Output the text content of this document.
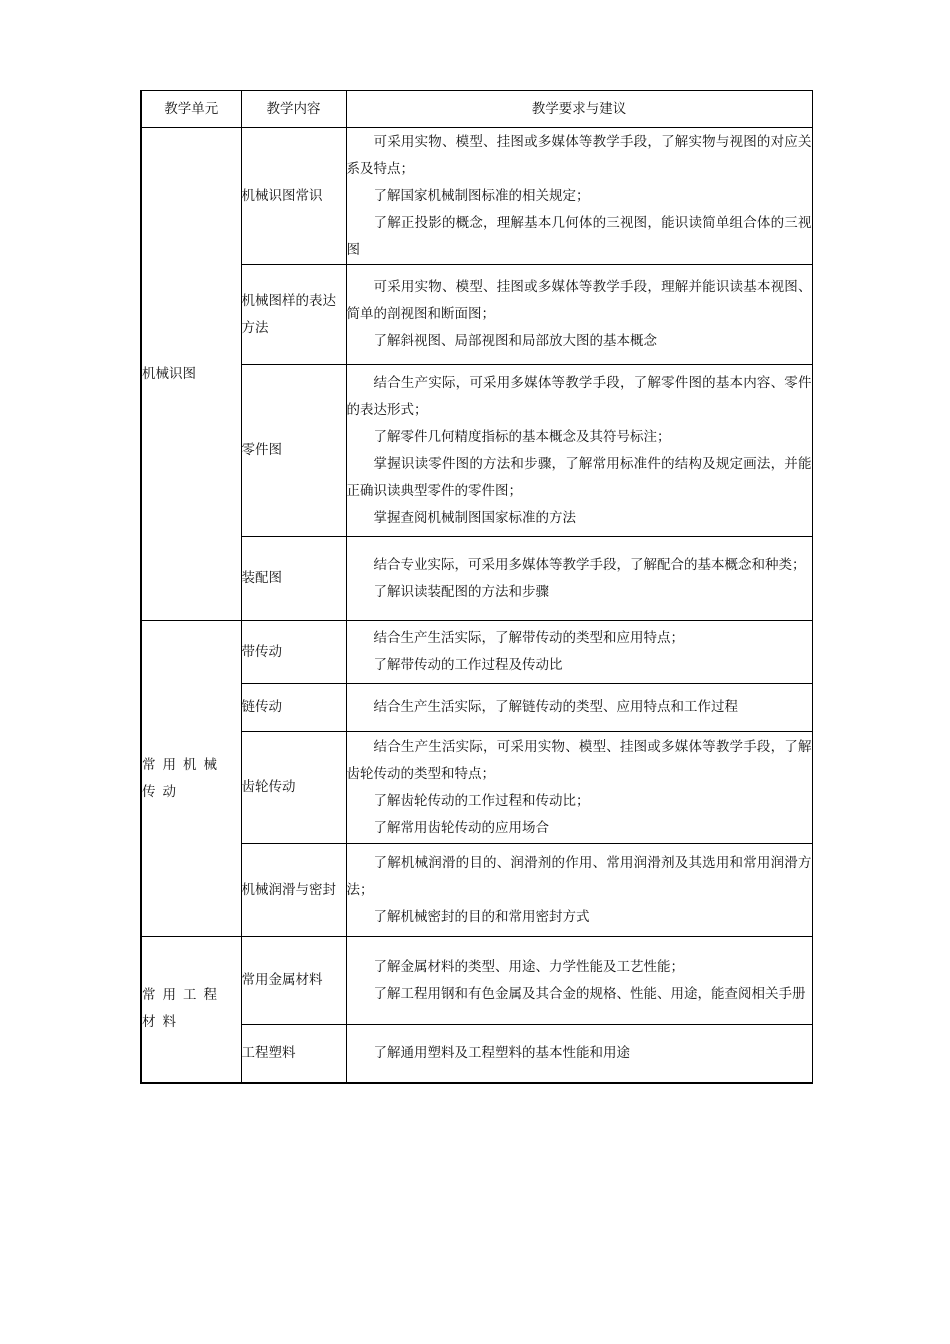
教学单元	教学内容	教学要求与建议
机械识图	机械识图常识	可采用实物、模型、挂图或多媒体等教学手段，了解实物与视图的对应关系及特点；
了解国家机械制图标准的相关规定；
了解正投影的概念，理解基本几何体的三视图，能识读简单组合体的三视图

	机械图样的表达方法	可采用实物、模型、挂图或多媒体等教学手段，理解并能识读基本视图、简单的剖视图和断面图；
了解斜视图、局部视图和局部放大图的基本概念

	零件图	结合生产实际，可采用多媒体等教学手段，了解零件图的基本内容、零件的表达形式；
了解零件几何精度指标的基本概念及其符号标注；
掌握识读零件图的方法和步骤，了解常用标准件的结构及规定画法，并能正确识读典型零件的零件图；
掌握查阅机械制图国家标准的方法

	装配图	结合专业实际，可采用多媒体等教学手段，了解配合的基本概念和种类；
了解识读装配图的方法和步骤

常用机械传动	带传动	结合生产生活实际，了解带传动的类型和应用特点；
了解带传动的工作过程及传动比

	链传动	结合生产生活实际，了解链传动的类型、应用特点和工作过程

	齿轮传动	结合生产生活实际，可采用实物、模型、挂图或多媒体等教学手段，了解齿轮传动的类型和特点；
了解齿轮传动的工作过程和传动比；
了解常用齿轮传动的应用场合

	机械润滑与密封	了解机械润滑的目的、润滑剂的作用、常用润滑剂及其选用和常用润滑方法；
了解机械密封的目的和常用密封方式

常用工程材料	常用金属材料	了解金属材料的类型、用途、力学性能及工艺性能；
了解工程用钢和有色金属及其合金的规格、性能、用途，能查阅相关手册

	工程塑料	了解通用塑料及工程塑料的基本性能和用途
